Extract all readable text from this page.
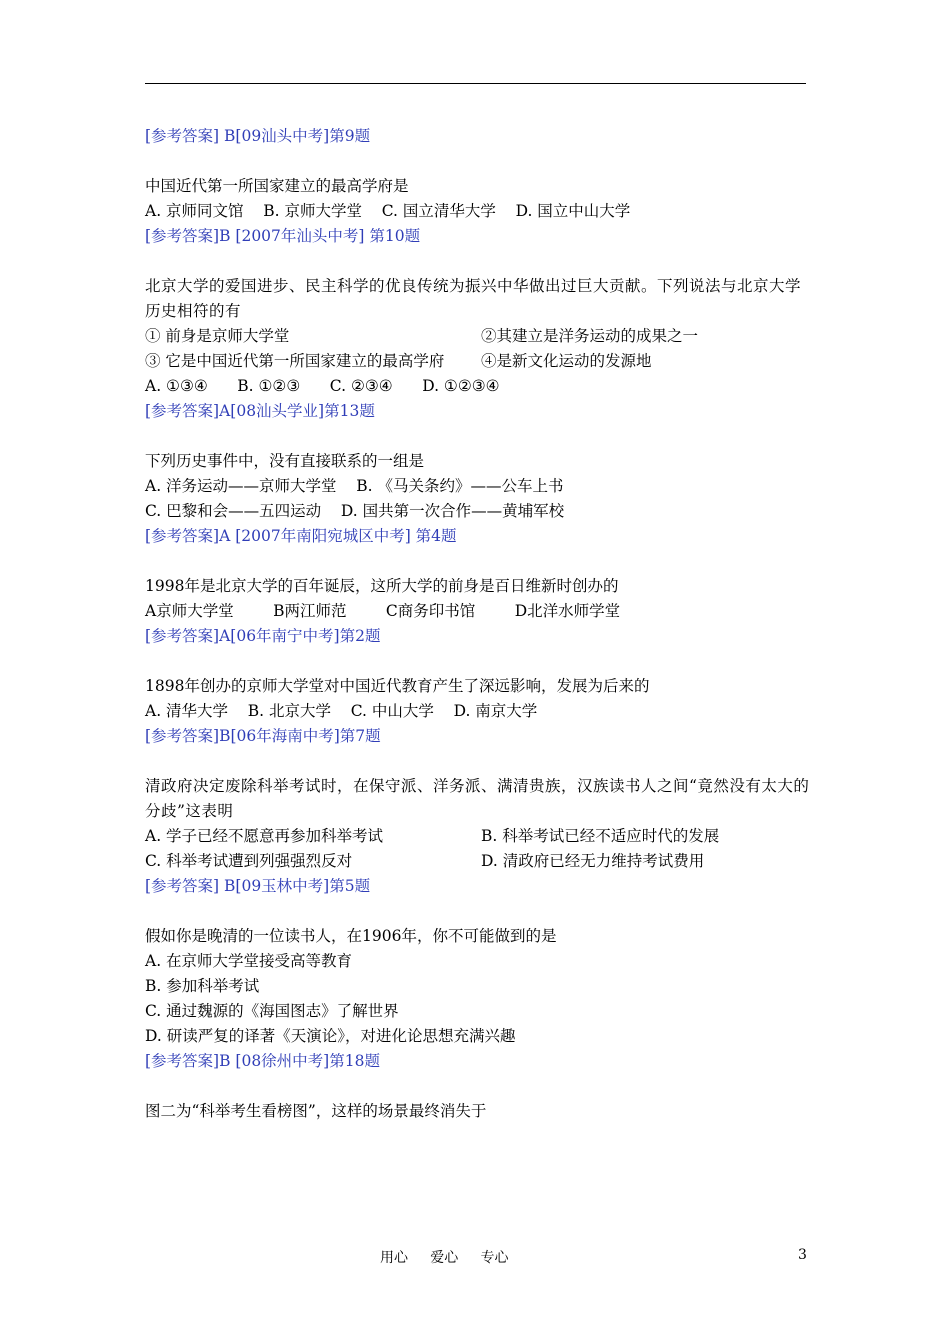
[参考答案] B[09汕头中考]第9题
中国近代第一所国家建立的最高学府是
A. 京师同文馆    B. 京师大学堂    C. 国立清华大学    D. 国立中山大学
[参考答案]B [2007年汕头中考] 第10题
北京大学的爱国进步、民主科学的优良传统为振兴中华做出过巨大贡献。下列说法与北京大学历史相符的有
① 前身是京师大学堂	②其建立是洋务运动的成果之一
③ 它是中国近代第一所国家建立的最高学府	④是新文化运动的发源地
A. ①③④      B. ①②③      C. ②③④      D. ①②③④
[参考答案]A[08汕头学业]第13题
下列历史事件中，没有直接联系的一组是
A. 洋务运动——京师大学堂    B. 《马关条约》——公车上书
C. 巴黎和会——五四运动    D. 国共第一次合作——黄埔军校
[参考答案]A [2007年南阳宛城区中考] 第4题
1998年是北京大学的百年诞辰，这所大学的前身是百日维新时创办的
A京师大学堂        B两江师范        C商务印书馆        D北洋水师学堂
[参考答案]A[06年南宁中考]第2题
1898年创办的京师大学堂对中国近代教育产生了深远影响，发展为后来的
A. 清华大学    B. 北京大学    C. 中山大学    D. 南京大学
[参考答案]B[06年海南中考]第7题
清政府决定废除科举考试时，在保守派、洋务派、满清贵族，汉族读书人之间“竟然没有太大的分歧”这表明
A. 学子已经不愿意再参加科举考试	B. 科举考试已经不适应时代的发展
C. 科举考试遭到列强强烈反对	D. 清政府已经无力维持考试费用
[参考答案] B[09玉林中考]第5题
假如你是晚清的一位读书人，在1906年，你不可能做到的是
A. 在京师大学堂接受高等教育
B. 参加科举考试
C. 通过魏源的《海国图志》了解世界
D. 研读严复的译著《天演论》，对进化论思想充满兴趣
[参考答案]B [08徐州中考]第18题
图二为“科举考生看榜图”，这样的场景最终消失于
用心     爱心     专心	3
